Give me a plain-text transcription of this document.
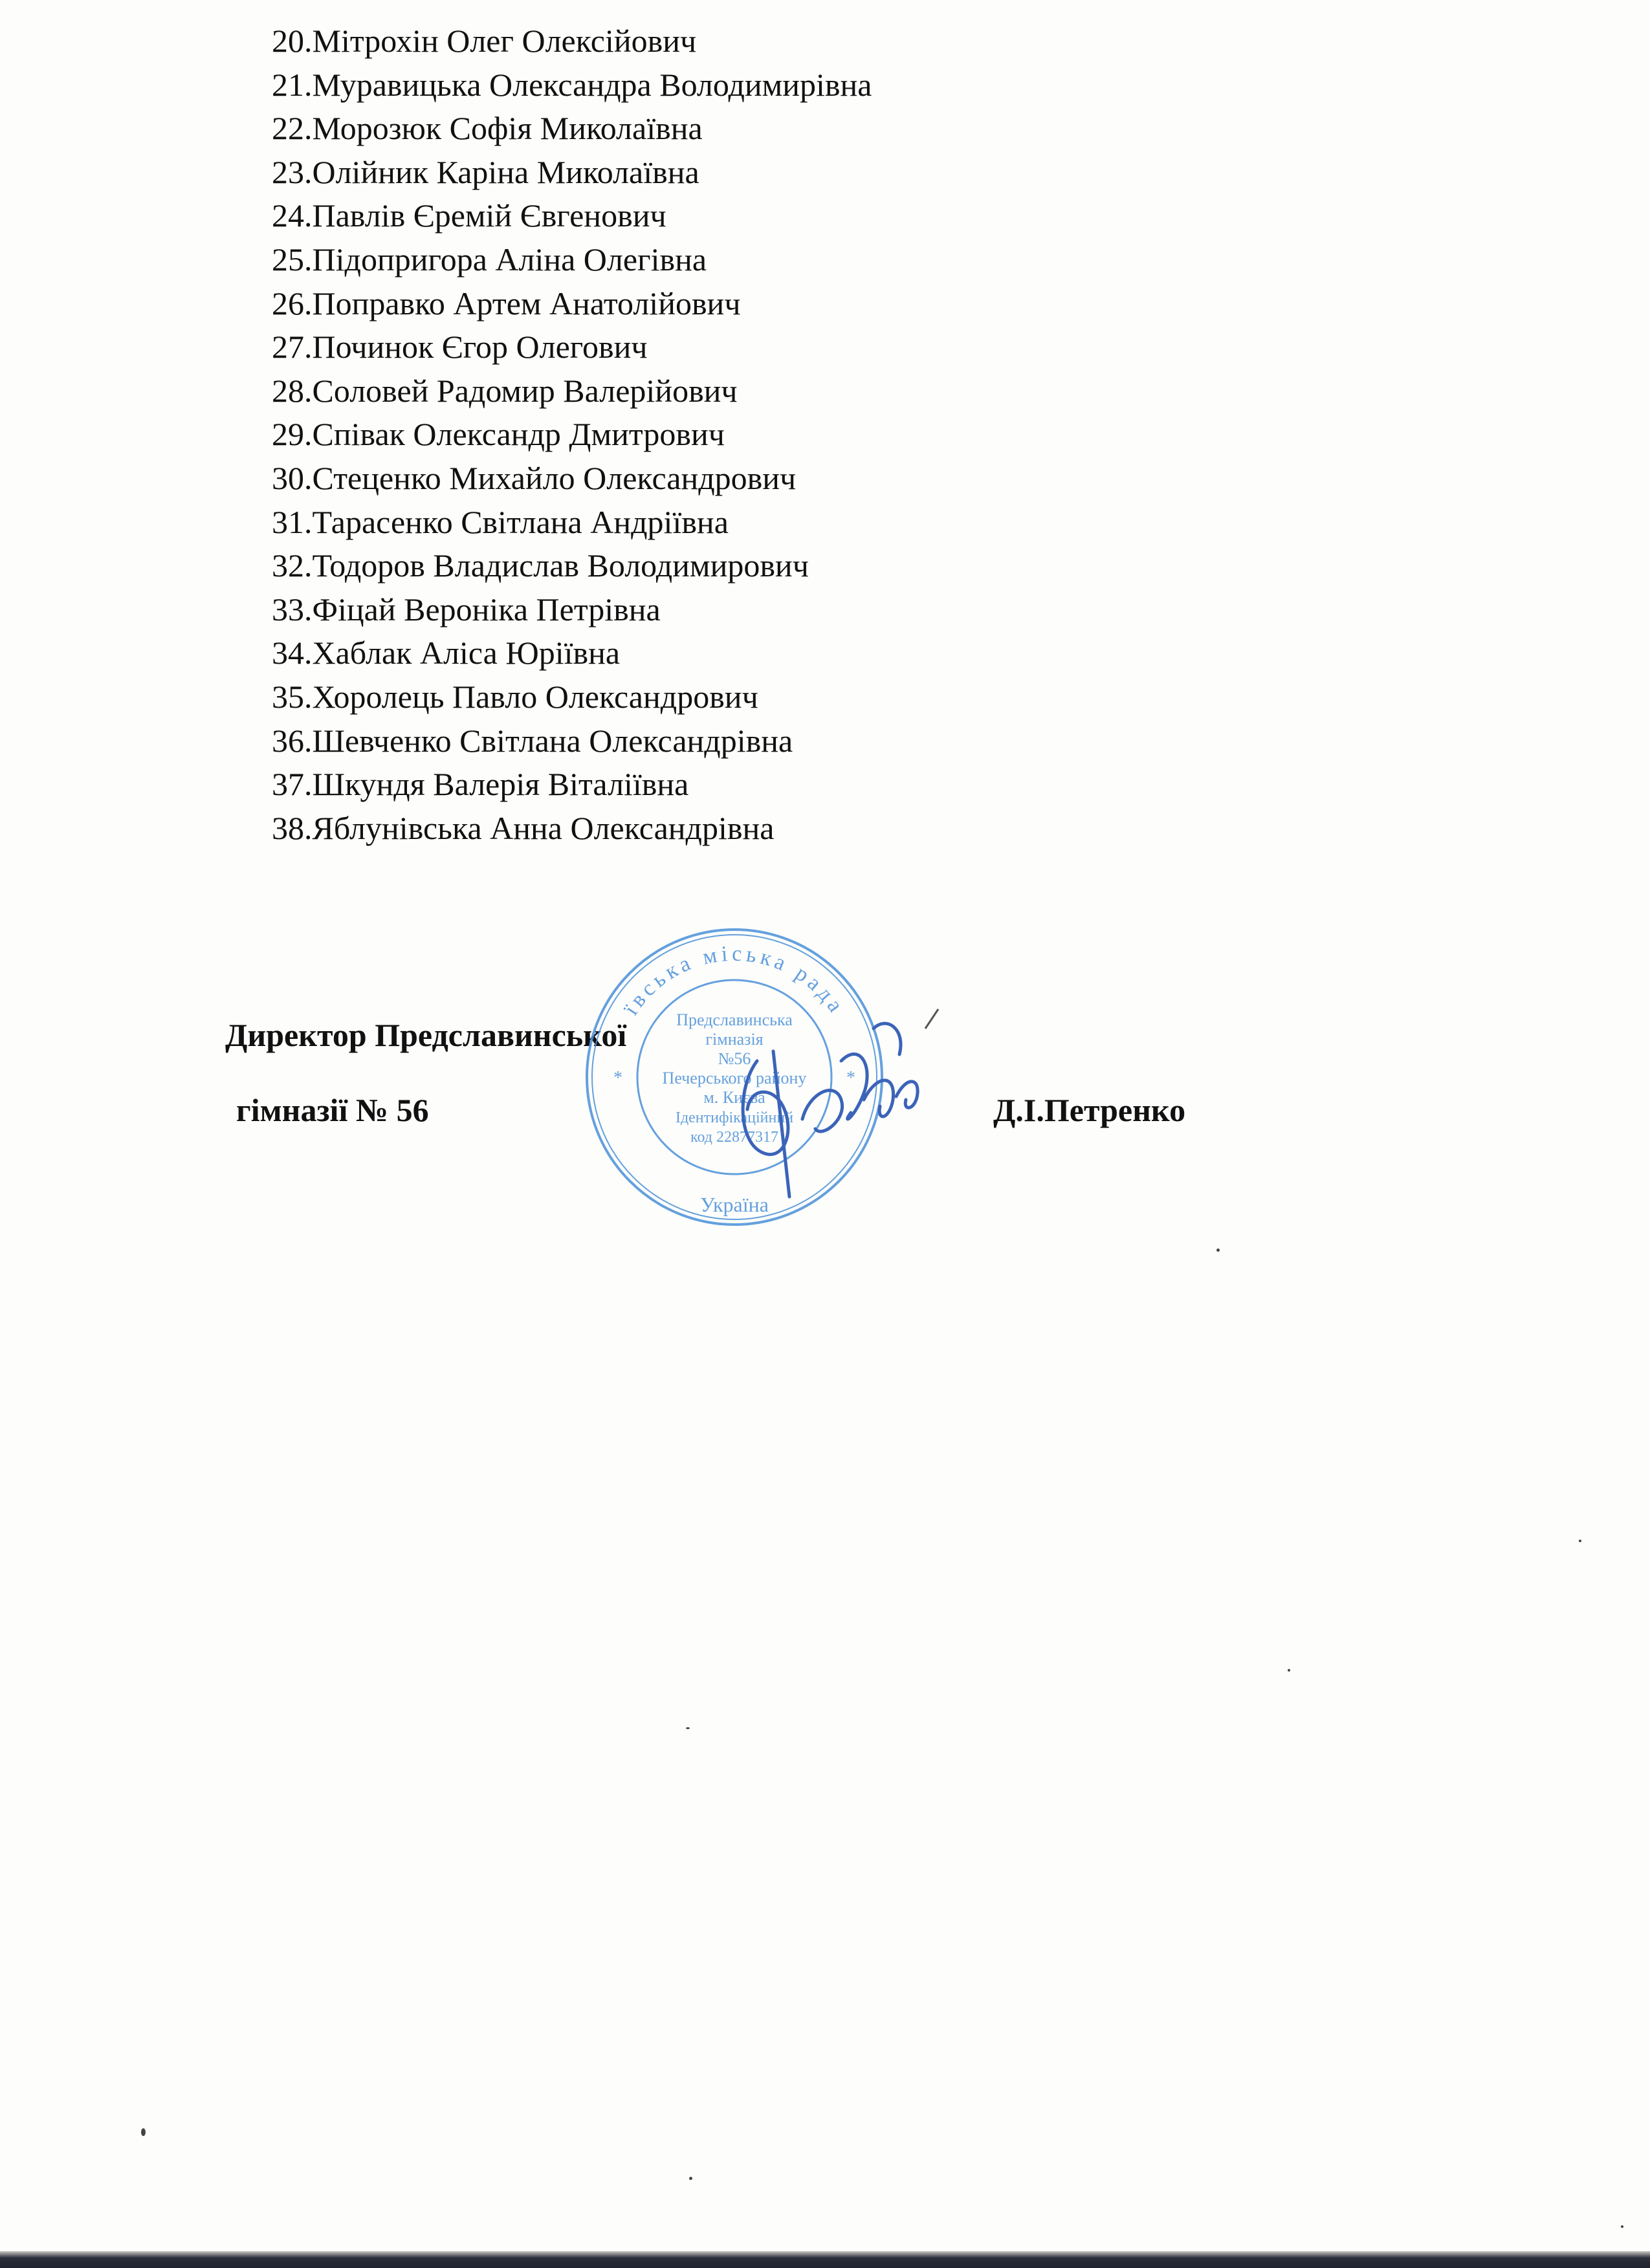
20.Мітрохін Олег Олексійович
21.Муравицька Олександра Володимирівна
22.Морозюк Софія Миколаївна
23.Олійник Каріна Миколаївна
24.Павлів Єремій Євгенович
25.Підопригора Аліна Олегівна
26.Поправко Артем Анатолійович
27.Починок Єгор Олегович
28.Соловей Радомир Валерійович
29.Співак Олександр Дмитрович
30.Стеценко Михайло Олександрович
31.Тарасенко Світлана Андріївна
32.Тодоров Владислав Володимирович
33.Фіцай Вероніка Петрівна
34.Хаблак Аліса Юріївна
35.Хоролець Павло Олександрович
36.Шевченко Світлана Олександрівна
37.Шкундя Валерія Віталіївна
38.Яблунівська Анна Олександрівна
Директор Предславинської
гімназії № 56	Д.І.Петренко
ївська міська рада
Україна
Предславинська
гімназія
№56
Печерського району
м. Києва
Ідентифікаційний
код 22877317
*	*
